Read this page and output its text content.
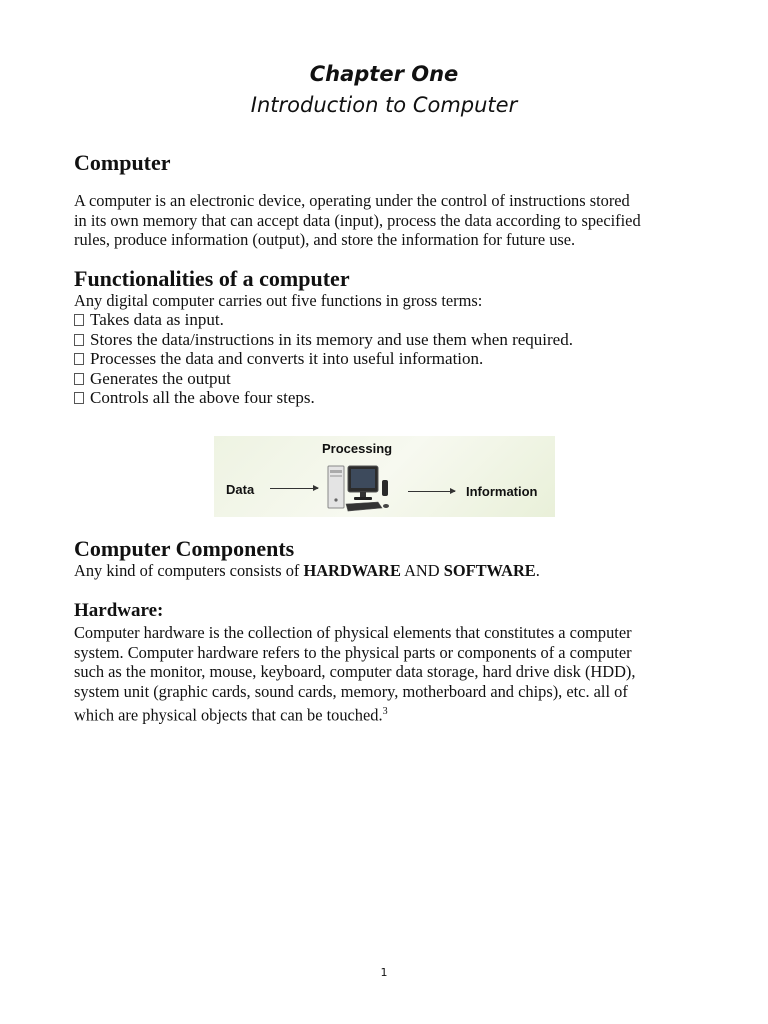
Chapter One
Introduction to Computer
Computer

A computer is an electronic device, operating under the control of instructions stored
in its own memory that can accept data (input), process the data according to specified
rules, produce information (output), and store the information for future use.

Functionalities of a computer

Any digital computer carries out five functions in gross terms:

Takes data as input.
Stores the data/instructions in its memory and use them when required.
Processes the data and converts it into useful information.
Generates the output
Controls all the above four steps.

Processing

Data	Information

Computer Components

Any kind of computers consists of HARDWARE AND SOFTWARE.

Hardware:

Computer hardware is the collection of physical elements that constitutes a computer
system. Computer hardware refers to the physical parts or components of a computer
such as the monitor, mouse, keyboard, computer data storage, hard drive disk (HDD),
system unit (graphic cards, sound cards, memory, motherboard and chips), etc. all of
which are physical objects that can be touched.$^3$

1
